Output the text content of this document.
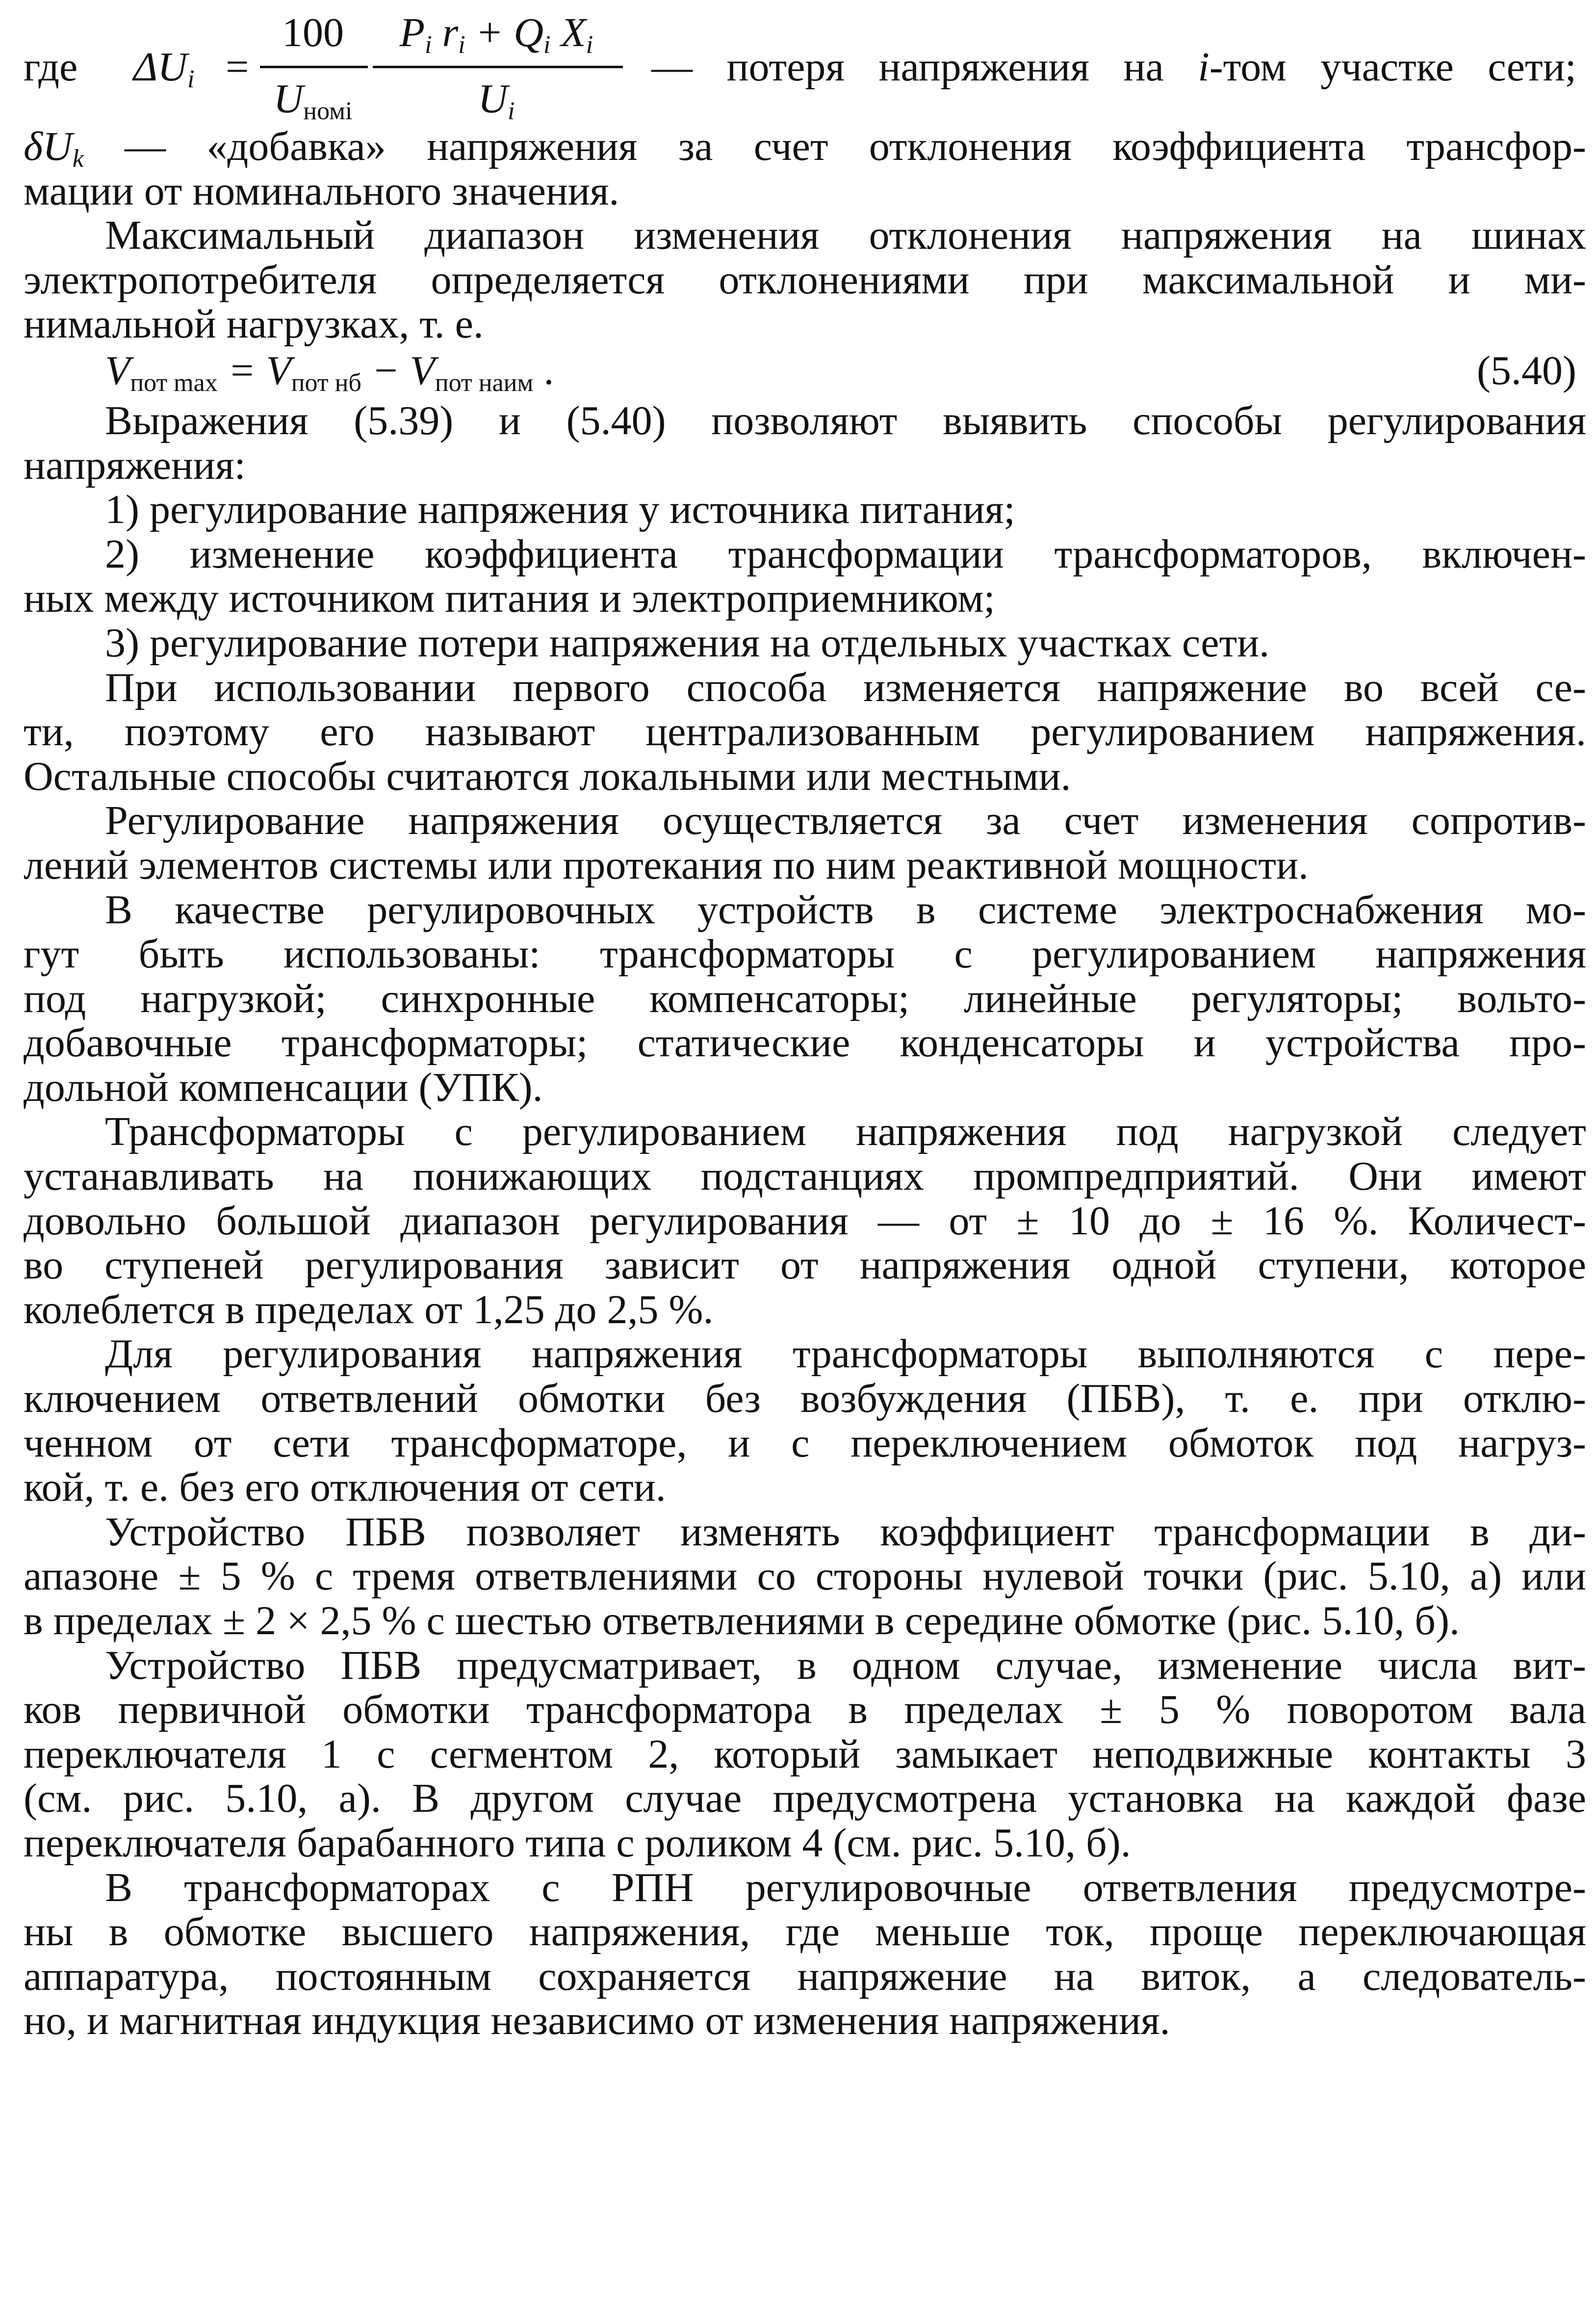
где $\Delta U_i$ =
100
$U_{номi}$
$P_i$ $r_i + Q_i$ $X_i$
$U_i$
— потеря напряжения на i-том участке сети;
$\delta U_k$ — «добавка» напряжения за счет отклонения коэффициента трансфор-
мации от номинального значения.
Максимальный диапазон изменения отклонения напряжения на шинах
электропотребителя определяется отклонениями при максимальной и ми-
нимальной нагрузках, т. е.
$V_{пот max} = V_{пот нб} - V_{пот наим}$ .	(5.40)
Выражения (5.39) и (5.40) позволяют выявить способы регулирования
напряжения:
1) регулирование напряжения у источника питания;
2) изменение коэффициента трансформации трансформаторов, включен-
ных между источником питания и электроприемником;
3) регулирование потери напряжения на отдельных участках сети.
При использовании первого способа изменяется напряжение во всей се-
ти, поэтому его называют централизованным регулированием напряжения.
Остальные способы считаются локальными или местными.
Регулирование напряжения осуществляется за счет изменения сопротив-
лений элементов системы или протекания по ним реактивной мощности.
В качестве регулировочных устройств в системе электроснабжения мо-
гут быть использованы: трансформаторы с регулированием напряжения
под нагрузкой; синхронные компенсаторы; линейные регуляторы; вольто-
добавочные трансформаторы; статические конденсаторы и устройства про-
дольной компенсации (УПК).
Трансформаторы с регулированием напряжения под нагрузкой следует
устанавливать на понижающих подстанциях промпредприятий. Они имеют
довольно большой диапазон регулирования — от ± 10 до ± 16 %. Количест-
во ступеней регулирования зависит от напряжения одной ступени, которое
колеблется в пределах от 1,25 до 2,5 %.
Для регулирования напряжения трансформаторы выполняются с пере-
ключением ответвлений обмотки без возбуждения (ПБВ), т. е. при отклю-
ченном от сети трансформаторе, и с переключением обмоток под нагруз-
кой, т. е. без его отключения от сети.
Устройство ПБВ позволяет изменять коэффициент трансформации в ди-
апазоне ± 5 % с тремя ответвлениями со стороны нулевой точки (рис. 5.10, а) или
в пределах ± 2 × 2,5 % с шестью ответвлениями в середине обмотке (рис. 5.10, б).
Устройство ПБВ предусматривает, в одном случае, изменение числа вит-
ков первичной обмотки трансформатора в пределах ± 5 % поворотом вала
переключателя 1 с сегментом 2, который замыкает неподвижные контакты 3
(см. рис. 5.10, а). В другом случае предусмотрена установка на каждой фазе
переключателя барабанного типа с роликом 4 (см. рис. 5.10, б).
В трансформаторах с РПН регулировочные ответвления предусмотре-
ны в обмотке высшего напряжения, где меньше ток, проще переключающая
аппаратура, постоянным сохраняется напряжение на виток, а следователь-
но, и магнитная индукция независимо от изменения напряжения.
